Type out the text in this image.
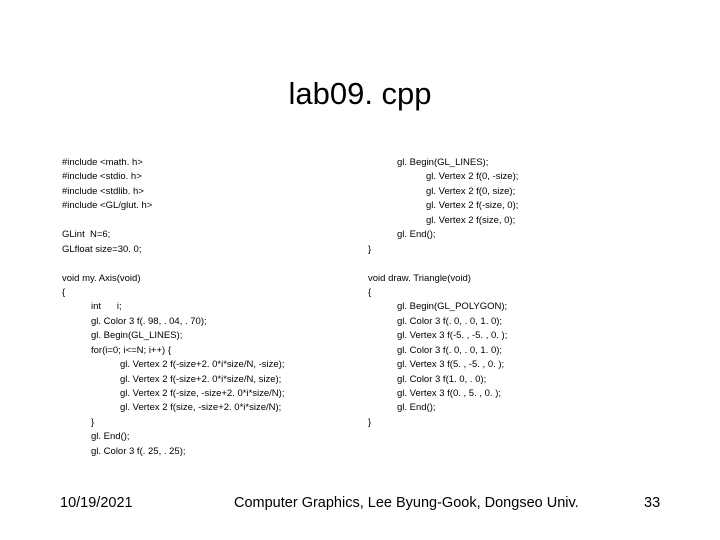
lab09. cpp
#include <math. h>
#include <stdio. h>
#include <stdlib. h>
#include <GL/glut. h>
GLint  N=6;
GLfloat size=30. 0;
void my. Axis(void)
{
int      i;
gl. Color 3 f(. 98, . 04, . 70);
gl. Begin(GL_LINES);
for(i=0; i<=N; i++) {
gl. Vertex 2 f(-size+2. 0*i*size/N, -size);
gl. Vertex 2 f(-size+2. 0*i*size/N, size);
gl. Vertex 2 f(-size, -size+2. 0*i*size/N);
gl. Vertex 2 f(size, -size+2. 0*i*size/N);
}
gl. End();
gl. Color 3 f(. 25, . 25);
gl. Begin(GL_LINES);
gl. Vertex 2 f(0, -size);
gl. Vertex 2 f(0, size);
gl. Vertex 2 f(-size, 0);
gl. Vertex 2 f(size, 0);
gl. End();
}
void draw. Triangle(void)
{
gl. Begin(GL_POLYGON);
gl. Color 3 f(. 0, . 0, 1. 0);
gl. Vertex 3 f(-5. , -5. , 0. );
gl. Color 3 f(. 0, . 0, 1. 0);
gl. Vertex 3 f(5. , -5. , 0. );
gl. Color 3 f(1. 0, . 0);
gl. Vertex 3 f(0. , 5. , 0. );
gl. End();
}
10/19/2021	Computer Graphics, Lee Byung-Gook, Dongseo Univ.	33
